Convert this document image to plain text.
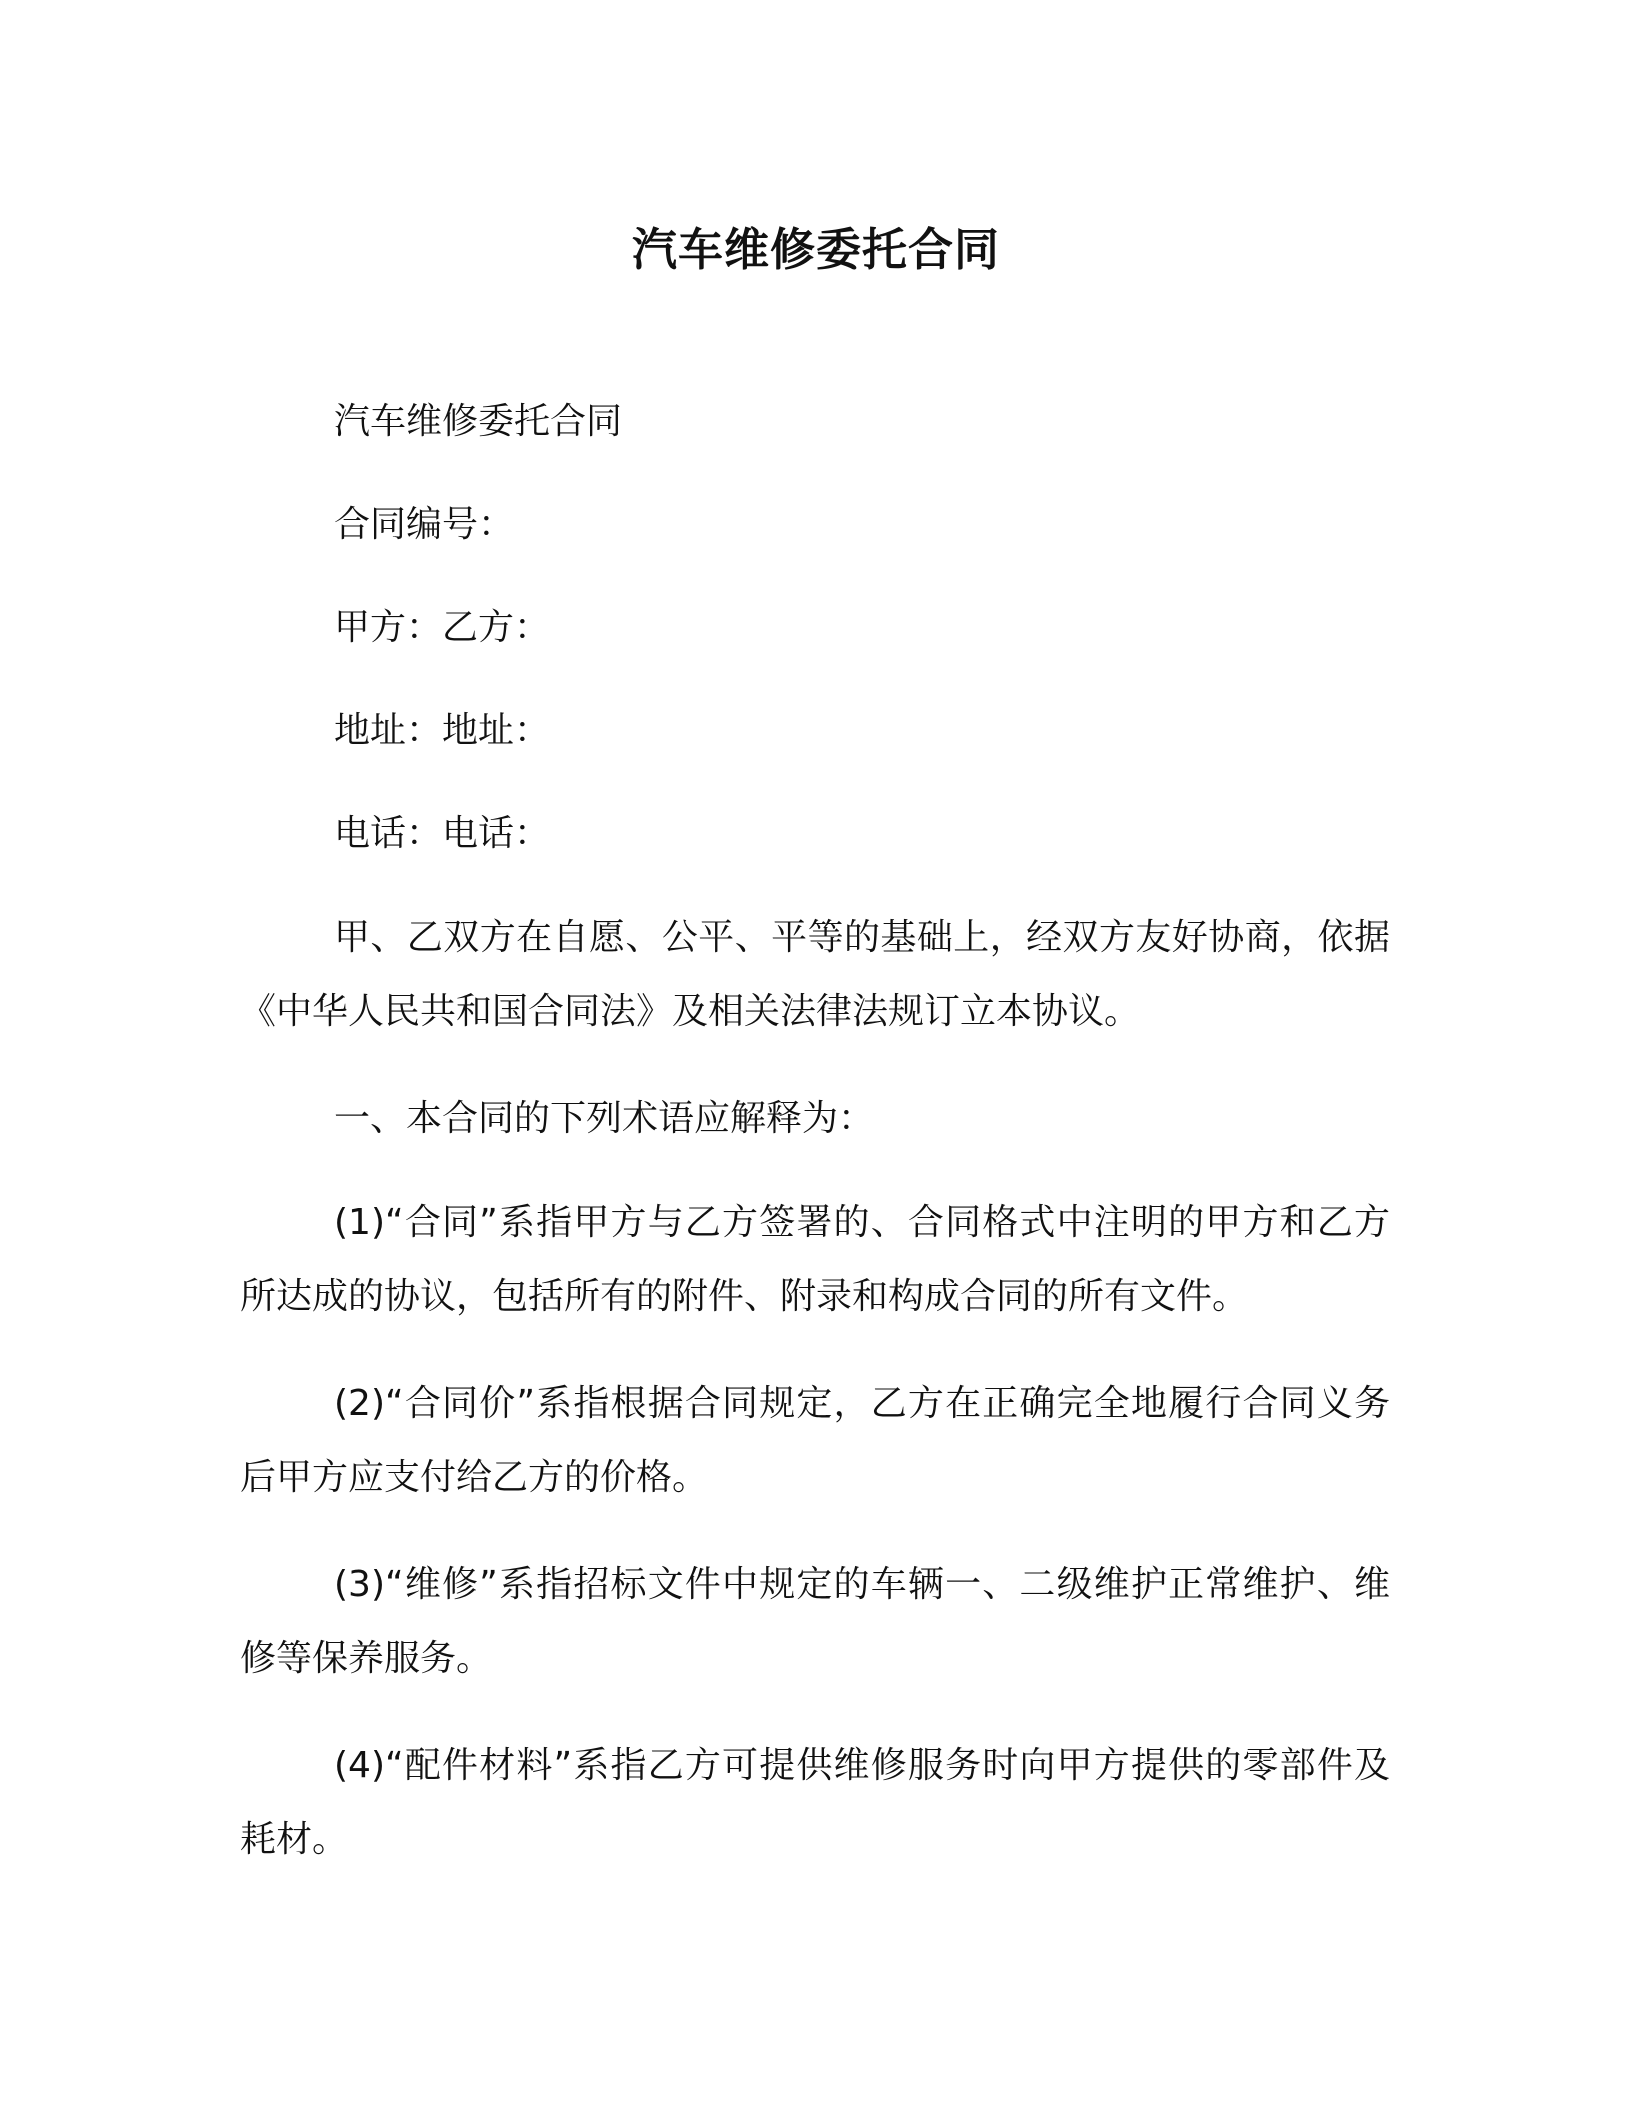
汽车维修委托合同
汽车维修委托合同
合同编号：
甲方：乙方：
地址：地址：
电话：电话：
甲、乙双方在自愿、公平、平等的基础上，经双方友好协商，依据《中华人民共和国合同法》及相关法律法规订立本协议。
一、本合同的下列术语应解释为：
(1)“合同”系指甲方与乙方签署的、合同格式中注明的甲方和乙方所达成的协议，包括所有的附件、附录和构成合同的所有文件。
(2)“合同价”系指根据合同规定，乙方在正确完全地履行合同义务后甲方应支付给乙方的价格。
(3)“维修”系指招标文件中规定的车辆一、二级维护正常维护、维修等保养服务。
(4)“配件材料”系指乙方可提供维修服务时向甲方提供的零部件及耗材。
